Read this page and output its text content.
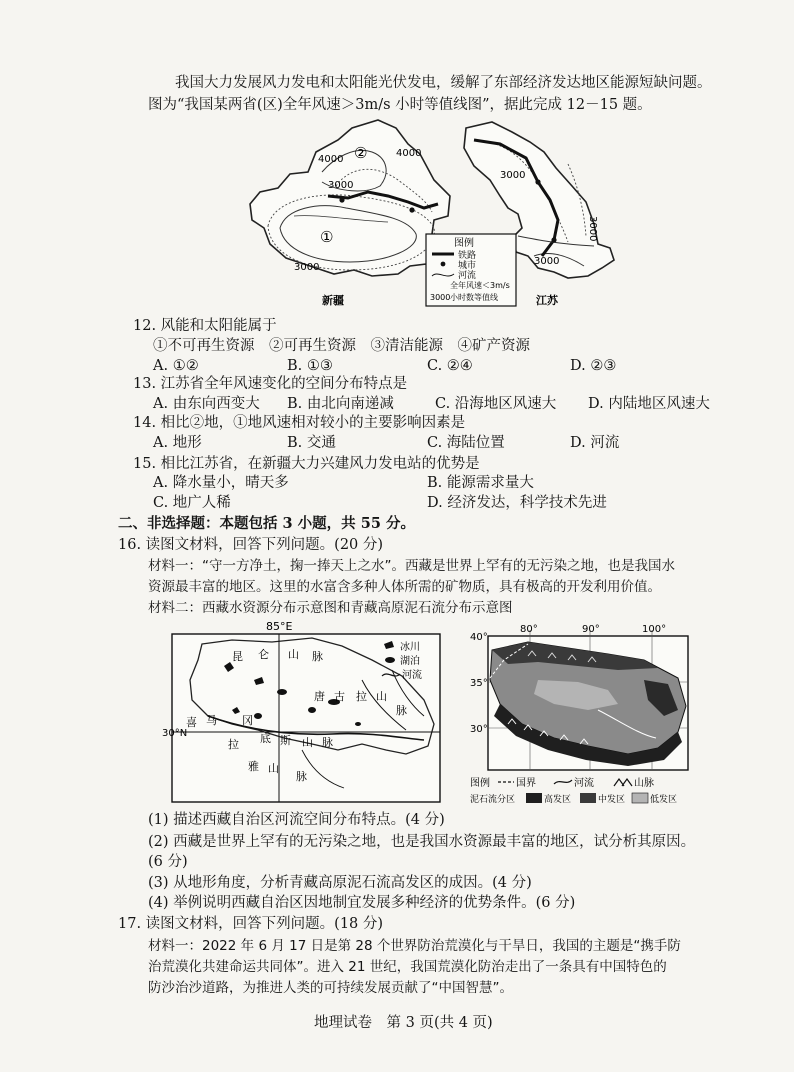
我国大力发展风力发电和太阳能光伏发电，缓解了东部经济发达地区能源短缺问题。
图为“我国某两省(区)全年风速＞3m/s 小时等值线图”，据此完成 12－15 题。
②
①
4000
4000
3000
3000
新疆
3000
3000
3000
江苏
图例
铁路
城市
河流
全年风速＜3m/s
3000 小时数等值线
12. 风能和太阳能属于
①不可再生资源　②可再生资源　③清洁能源　④矿产资源
A. ①②	B. ①③	C. ②④	D. ②③
13. 江苏省全年风速变化的空间分布特点是
A. 由东向西变大 B. 由北向南递减	C. 沿海地区风速大 D. 内陆地区风速大
14. 相比②地，①地风速相对较小的主要影响因素是
A. 地形	B. 交通	C. 海陆位置	D. 河流
15. 相比江苏省，在新疆大力兴建风力发电站的优势是
A. 降水量小，晴天多	B. 能源需求量大
C. 地广人稀	D. 经济发达，科学技术先进
二、非选择题：本题包括 3 小题，共 55 分。
16. 读图文材料，回答下列问题。(20 分)
材料一：“守一方净土，掬一捧天上之水”。西藏是世界上罕有的无污染之地，也是我国水
资源最丰富的地区。这里的水富含多种人体所需的矿物质，具有极高的开发利用价值。
材料二：西藏水资源分布示意图和青藏高原泥石流分布示意图
85°E
30°N
昆 仑 山 脉
唐 古 拉 山
脉
喜 马
拉
雅 山
脉
冈
底 斯 山 脉
冰川
湖泊
河流
80°	90°	100°
40°
35°
30°
图例	国界	河流	山脉
泥石流分区	高发区	中发区	低发区
(1) 描述西藏自治区河流空间分布特点。(4 分)
(2) 西藏是世界上罕有的无污染之地，也是我国水资源最丰富的地区，试分析其原因。
(6 分)
(3) 从地形角度，分析青藏高原泥石流高发区的成因。(4 分)
(4) 举例说明西藏自治区因地制宜发展多种经济的优势条件。(6 分)
17. 读图文材料，回答下列问题。(18 分)
材料一：2022 年 6 月 17 日是第 28 个世界防治荒漠化与干旱日，我国的主题是“携手防
治荒漠化共建命运共同体”。进入 21 世纪，我国荒漠化防治走出了一条具有中国特色的
防沙治沙道路，为推进人类的可持续发展贡献了“中国智慧”。
地理试卷　第 3 页(共 4 页)
